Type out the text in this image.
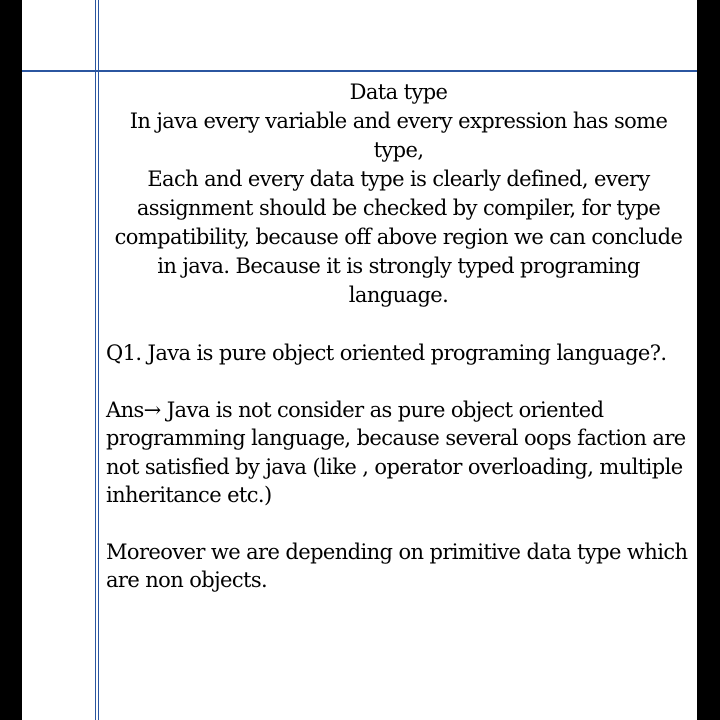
Data type

In java every variable and every expression has some type,

Each and every data type is clearly defined, every

assignment should be checked by compiler, for type

compatibility, because off above region we can conclude

in java. Because it is strongly typed programing

language.

Q1. Java is pure object oriented programing language?.

Ans→ Java is not consider as pure object oriented

programming language, because several oops faction are

not satisfied by java (like , operator overloading, multiple

inheritance etc.)

Moreover we are depending on primitive data type which

are non objects.
